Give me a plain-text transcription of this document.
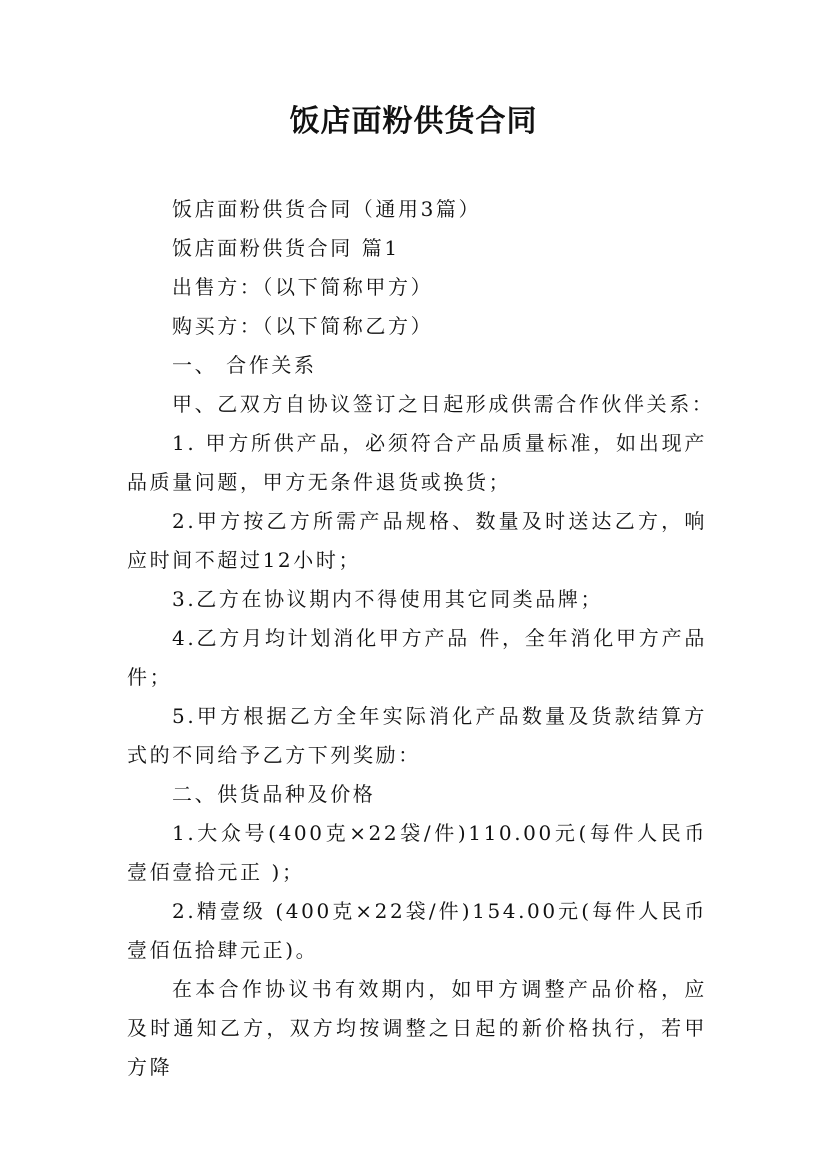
饭店面粉供货合同

饭店面粉供货合同（通用3篇）

饭店面粉供货合同 篇1

出售方：（以下简称甲方）

购买方：（以下简称乙方）

一、 合作关系

甲、乙双方自协议签订之日起形成供需合作伙伴关系：

1. 甲方所供产品，必须符合产品质量标准，如出现产品质量问题，甲方无条件退货或换货；

2.甲方按乙方所需产品规格、数量及时送达乙方，响应时间不超过12小时；

3.乙方在协议期内不得使用其它同类品牌；

4.乙方月均计划消化甲方产品 件，全年消化甲方产品 件；

5.甲方根据乙方全年实际消化产品数量及货款结算方式的不同给予乙方下列奖励：

二、供货品种及价格

1.大众号(400克×22袋/件)110.00元(每件人民币壹佰壹拾元正 )；

2.精壹级 (400克×22袋/件)154.00元(每件人民币壹佰伍拾肆元正)。

在本合作协议书有效期内，如甲方调整产品价格，应及时通知乙方，双方均按调整之日起的新价格执行，若甲方降
